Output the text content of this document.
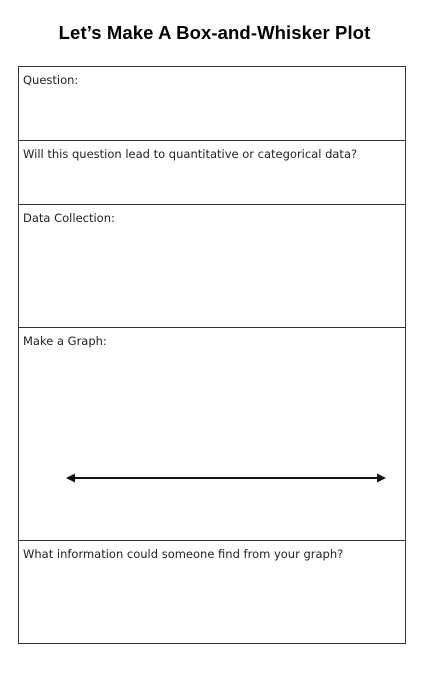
Let’s Make A Box-and-Whisker Plot
Question:
Will this question lead to quantitative or categorical data?
Data Collection:
Make a Graph:
What information could someone find from your graph?
